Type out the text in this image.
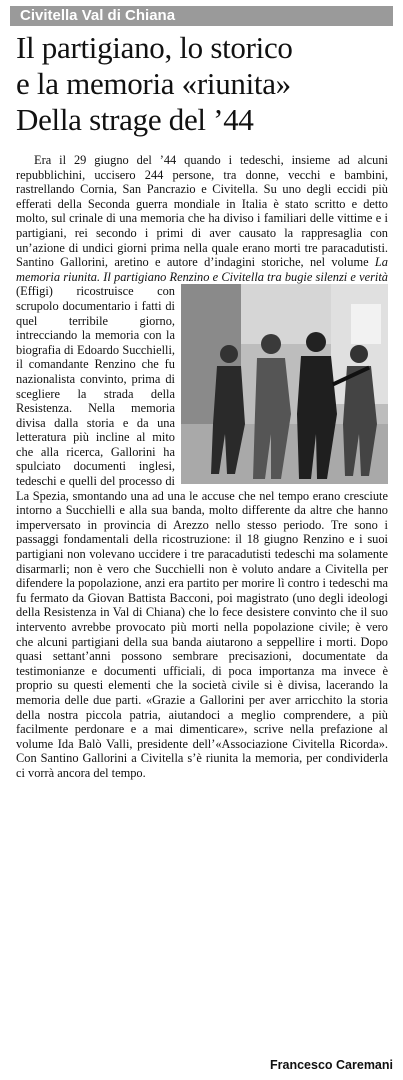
Civitella Val di Chiana
Il partigiano, lo storico
e la memoria «riunita»
Della strage del ’44

Era il 29 giugno del ’44 quando i tedeschi, insieme ad alcuni repubblichini, uccisero 244 persone, tra donne, vecchi e bambini, rastrellando Cornia, San Pancrazio e Civitella. Su uno degli eccidi più efferati della Seconda guerra mondiale in Italia è stato scritto e detto molto, sul crinale di una memoria che ha diviso i familiari delle vittime e i partigiani, rei secondo i primi di aver causato la rappresaglia con un’azione di undici giorni prima nella quale erano morti tre paracadutisti. Santino Gallorini, aretino e autore d’indagini storiche, nel volume La memoria riunita. Il partigiano Renzino e Civitella tra bugie silenzi e verità
(Effigi) ricostruisce con scrupolo documentario i fatti di quel terribile giorno, intrecciando la memoria con la biografia di Edoardo Succhielli, il comandante Renzino che fu nazionalista convinto, prima di scegliere la strada della Resistenza. Nella memoria divisa dalla storia e da una letteratura più incline al mito che alla ricerca, Gallorini ha spulciato documenti inglesi, tedeschi e quelli del processo di La Spezia, smontando una ad una le accuse che nel tempo erano cresciute intorno a Succhielli e alla sua banda, molto differente da altre che hanno imperversato in provincia di Arezzo nello stesso periodo. Tre sono i passaggi fondamentali della ricostruzione: il 18 giugno Renzino e i suoi partigiani non volevano uccidere i tre paracadutisti tedeschi ma solamente disarmarli; non è vero che Succhielli non è voluto andare a Civitella per difendere la popolazione, anzi era partito per morire lì contro i tedeschi ma fu fermato da Giovan Battista Bacconi, poi magistrato (uno degli ideologi della Resistenza in Val di Chiana) che lo fece desistere convinto che il suo intervento avrebbe provocato più morti nella popolazione civile; è vero che alcuni partigiani della sua banda aiutarono a seppellire i morti. Dopo quasi settant’anni possono sembrare precisazioni, documentate da testimonianze e documenti ufficiali, di poca importanza ma invece è proprio su questi elementi che la società civile si è divisa, lacerando la memoria delle due parti. «Grazie a Gallorini per aver arricchito la storia della nostra piccola patria, aiutandoci a meglio comprendere, a più facilmente perdonare e a mai dimenticare», scrive nella prefazione al volume Ida Balò Valli, presidente dell’«Associazione Civitella Ricorda». Con Santino Gallorini a Civitella s’è riunita la memoria, per condividerla ci vorrà ancora del tempo.

Francesco Caremani
